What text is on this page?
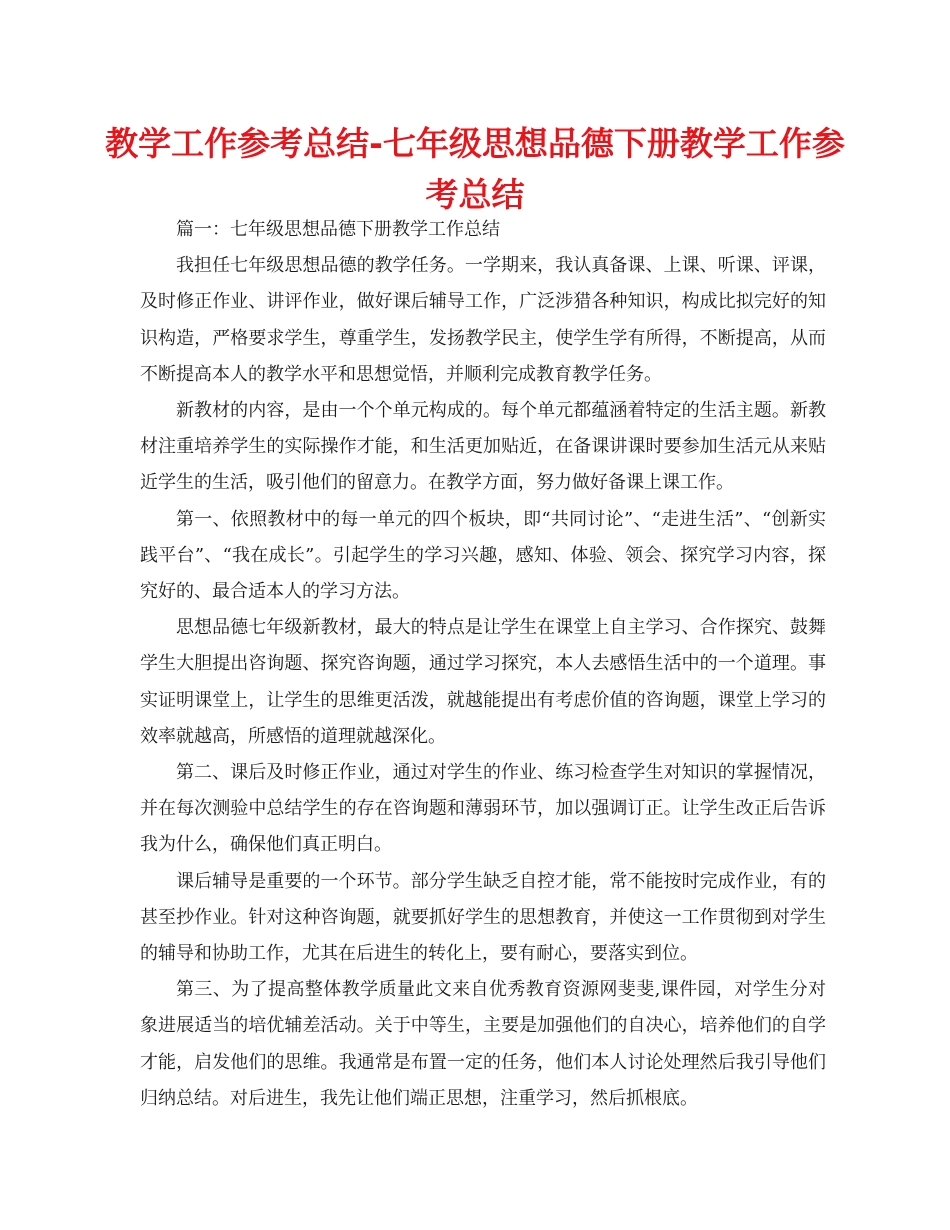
教学工作参考总结-七年级思想品德下册教学工作参考总结

篇一：七年级思想品德下册教学工作总结

我担任七年级思想品德的教学任务。一学期来，我认真备课、上课、听课、评课，及时修正作业、讲评作业，做好课后辅导工作，广泛涉猎各种知识，构成比拟完好的知识构造，严格要求学生，尊重学生，发扬教学民主，使学生学有所得，不断提高，从而不断提高本人的教学水平和思想觉悟，并顺利完成教育教学任务。

新教材的内容，是由一个个单元构成的。每个单元都蕴涵着特定的生活主题。新教材注重培养学生的实际操作才能，和生活更加贴近，在备课讲课时要参加生活元从来贴近学生的生活，吸引他们的留意力。在教学方面，努力做好备课上课工作。

第一、依照教材中的每一单元的四个板块，即“共同讨论”、“走进生活”、“创新实践平台”、“我在成长”。引起学生的学习兴趣，感知、体验、领会、探究学习内容，探究好的、最合适本人的学习方法。

思想品德七年级新教材，最大的特点是让学生在课堂上自主学习、合作探究、鼓舞学生大胆提出咨询题、探究咨询题，通过学习探究，本人去感悟生活中的一个道理。事实证明课堂上，让学生的思维更活泼，就越能提出有考虑价值的咨询题，课堂上学习的效率就越高，所感悟的道理就越深化。

第二、课后及时修正作业，通过对学生的作业、练习检查学生对知识的掌握情况，并在每次测验中总结学生的存在咨询题和薄弱环节，加以强调订正。让学生改正后告诉我为什么，确保他们真正明白。

课后辅导是重要的一个环节。部分学生缺乏自控才能，常不能按时完成作业，有的甚至抄作业。针对这种咨询题，就要抓好学生的思想教育，并使这一工作贯彻到对学生的辅导和协助工作，尤其在后进生的转化上，要有耐心，要落实到位。

第三、为了提高整体教学质量此文来自优秀教育资源网斐斐,课件园，对学生分对象进展适当的培优辅差活动。关于中等生，主要是加强他们的自决心，培养他们的自学才能，启发他们的思维。我通常是布置一定的任务，他们本人讨论处理然后我引导他们归纳总结。对后进生，我先让他们端正思想，注重学习，然后抓根底。
